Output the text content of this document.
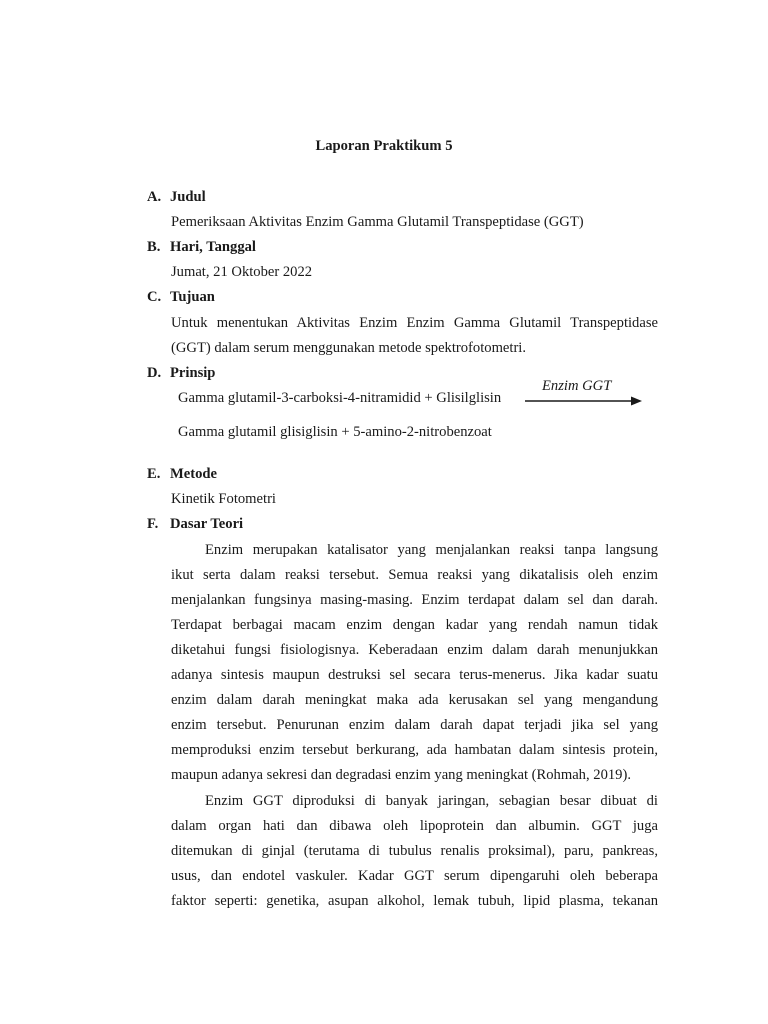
Laporan Praktikum 5
A. Judul
Pemeriksaan Aktivitas Enzim Gamma Glutamil Transpeptidase (GGT)
B. Hari, Tanggal
Jumat, 21 Oktober 2022
C. Tujuan
Untuk menentukan Aktivitas Enzim Enzim Gamma Glutamil Transpeptidase
(GGT) dalam serum menggunakan metode spektrofotometri.
D. Prinsip
Gamma glutamil-3-carboksi-4-nitramidid + Glisilglisin
Enzim GGT
Gamma glutamil glisiglisin + 5-amino-2-nitrobenzoat
E. Metode
Kinetik Fotometri
F. Dasar Teori
Enzim merupakan katalisator yang menjalankan reaksi tanpa langsung
ikut serta dalam reaksi tersebut. Semua reaksi yang dikatalisis oleh enzim
menjalankan fungsinya masing-masing. Enzim terdapat dalam sel dan darah.
Terdapat berbagai macam enzim dengan kadar yang rendah namun tidak
diketahui fungsi fisiologisnya. Keberadaan enzim dalam darah menunjukkan
adanya sintesis maupun destruksi sel secara terus-menerus. Jika kadar suatu
enzim dalam darah meningkat maka ada kerusakan sel yang mengandung
enzim tersebut. Penurunan enzim dalam darah dapat terjadi jika sel yang
memproduksi enzim tersebut berkurang, ada hambatan dalam sintesis protein,
maupun adanya sekresi dan degradasi enzim yang meningkat (Rohmah, 2019).
Enzim GGT diproduksi di banyak jaringan, sebagian besar dibuat di
dalam organ hati dan dibawa oleh lipoprotein dan albumin. GGT juga
ditemukan di ginjal (terutama di tubulus renalis proksimal), paru, pankreas,
usus, dan endotel vaskuler. Kadar GGT serum dipengaruhi oleh beberapa
faktor seperti: genetika, asupan alkohol, lemak tubuh, lipid plasma, tekanan
